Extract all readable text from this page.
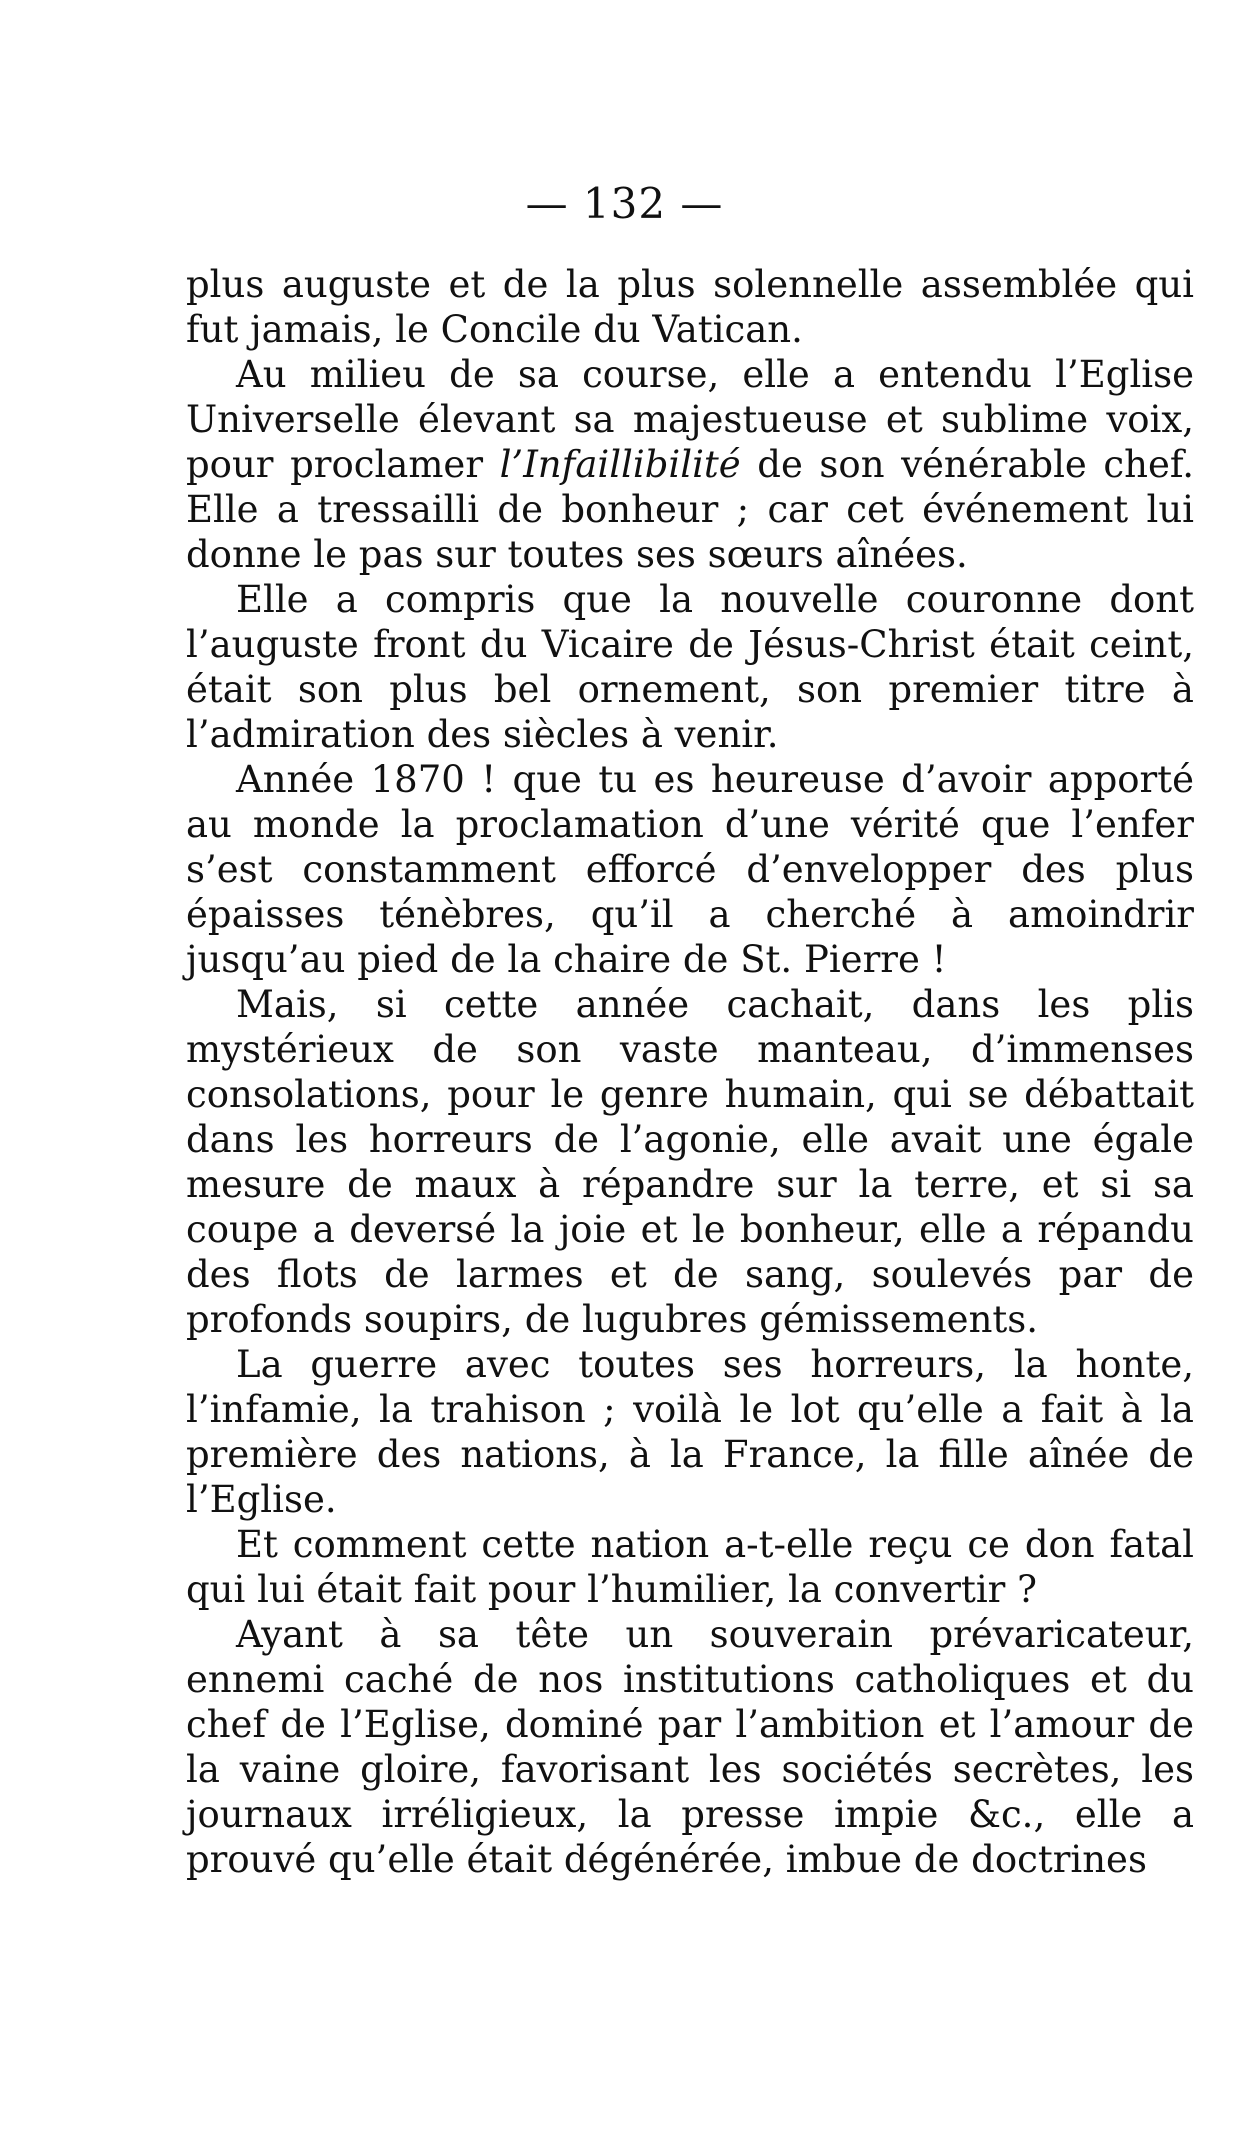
— 132 —

plus auguste et de la plus solennelle assemblée qui fut jamais, le Concile du Vatican.

Au milieu de sa course, elle a entendu l’Eglise Universelle élevant sa majestueuse et sublime voix, pour proclamer l’Infaillibilité de son vénérable chef. Elle a tressailli de bonheur ; car cet événement lui donne le pas sur toutes ses sœurs aînées.

Elle a compris que la nouvelle couronne dont l’auguste front du Vicaire de Jésus-Christ était ceint, était son plus bel ornement, son premier titre à l’admiration des siècles à venir.

Année 1870 ! que tu es heureuse d’avoir apporté au monde la proclamation d’une vérité que l’enfer s’est constamment efforcé d’envelopper des plus épaisses ténèbres, qu’il a cherché à amoindrir jusqu’au pied de la chaire de St. Pierre !

Mais, si cette année cachait, dans les plis mystérieux de son vaste manteau, d’immenses consolations, pour le genre humain, qui se débattait dans les horreurs de l’agonie, elle avait une égale mesure de maux à répandre sur la terre, et si sa coupe a deversé la joie et le bonheur, elle a répandu des flots de larmes et de sang, soulevés par de profonds soupirs, de lugubres gémissements.

La guerre avec toutes ses horreurs, la honte, l’infamie, la trahison ; voilà le lot qu’elle a fait à la première des nations, à la France, la fille aînée de l’Eglise.

Et comment cette nation a-t-elle reçu ce don fatal qui lui était fait pour l’humilier, la convertir ?

Ayant à sa tête un souverain prévaricateur, ennemi caché de nos institutions catholiques et du chef de l’Eglise, dominé par l’ambition et l’amour de la vaine gloire, favorisant les sociétés secrètes, les journaux irréligieux, la presse impie &c., elle a prouvé qu’elle était dégénérée, imbue de doctrines
